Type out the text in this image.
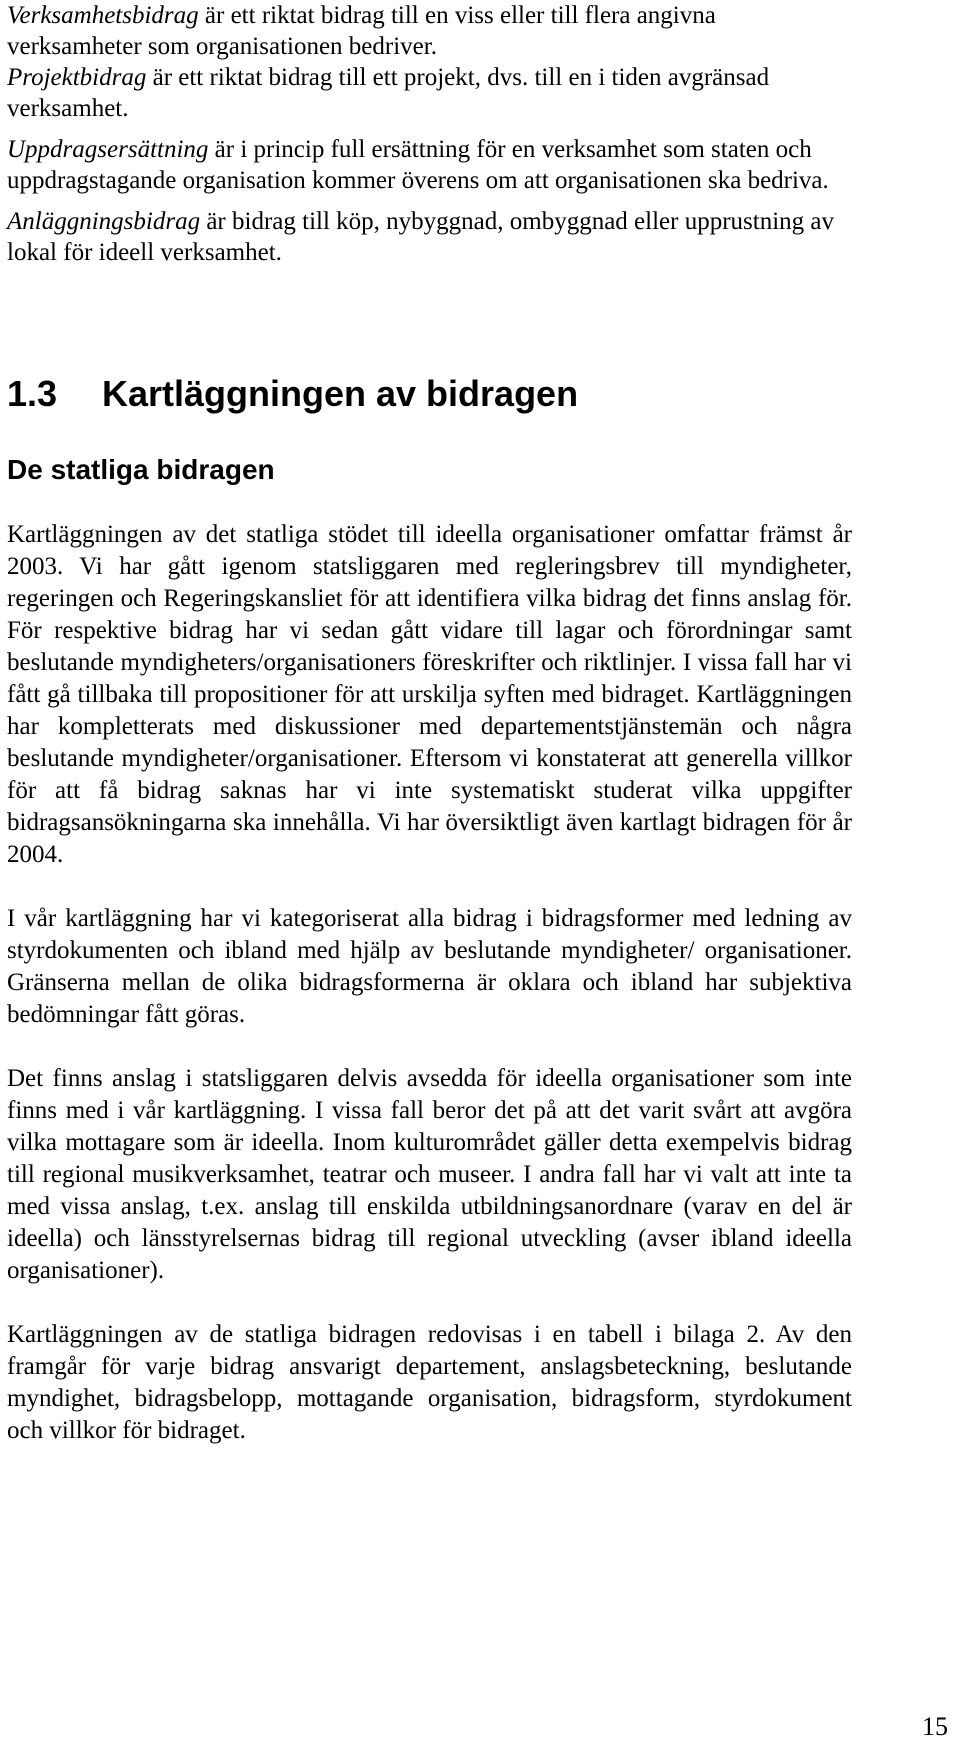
Verksamhetsbidrag är ett riktat bidrag till en viss eller till flera angivna verksamheter som organisationen bedriver.

Projektbidrag är ett riktat bidrag till ett projekt, dvs. till en i tiden avgränsad verksamhet.

Uppdragsersättning är i princip full ersättning för en verksamhet som staten och uppdragstagande organisation kommer överens om att organisationen ska bedriva.

Anläggningsbidrag är bidrag till köp, nybyggnad, ombyggnad eller upprustning av lokal för ideell verksamhet.

1.3 Kartläggningen av bidragen
De statliga bidragen

Kartläggningen av det statliga stödet till ideella organisationer omfattar främst år 2003. Vi har gått igenom statsliggaren med regleringsbrev till myndigheter, regeringen och Regeringskansliet för att identifiera vilka bidrag det finns anslag för. För respektive bidrag har vi sedan gått vidare till lagar och förordningar samt beslutande myndigheters/organisationers föreskrifter och riktlinjer. I vissa fall har vi fått gå tillbaka till propositioner för att urskilja syften med bidraget. Kartläggningen har kompletterats med diskussioner med departementstjänstemän och några beslutande myndigheter/organisationer. Eftersom vi konstaterat att generella villkor för att få bidrag saknas har vi inte systematiskt studerat vilka uppgifter bidragsansökningarna ska innehålla. Vi har översiktligt även kartlagt bidragen för år 2004.

I vår kartläggning har vi kategoriserat alla bidrag i bidragsformer med ledning av styrdokumenten och ibland med hjälp av beslutande myndigheter/ organisationer. Gränserna mellan de olika bidragsformerna är oklara och ibland har subjektiva bedömningar fått göras.

Det finns anslag i statsliggaren delvis avsedda för ideella organisationer som inte finns med i vår kartläggning. I vissa fall beror det på att det varit svårt att avgöra vilka mottagare som är ideella. Inom kulturområdet gäller detta exempelvis bidrag till regional musikverksamhet, teatrar och museer. I andra fall har vi valt att inte ta med vissa anslag, t.ex. anslag till enskilda utbildningsanordnare (varav en del är ideella) och länsstyrelsernas bidrag till regional utveckling (avser ibland ideella organisationer).

Kartläggningen av de statliga bidragen redovisas i en tabell i bilaga 2. Av den framgår för varje bidrag ansvarigt departement, anslagsbeteckning, beslutande myndighet, bidragsbelopp, mottagande organisation, bidragsform, styrdokument och villkor för bidraget.

15
